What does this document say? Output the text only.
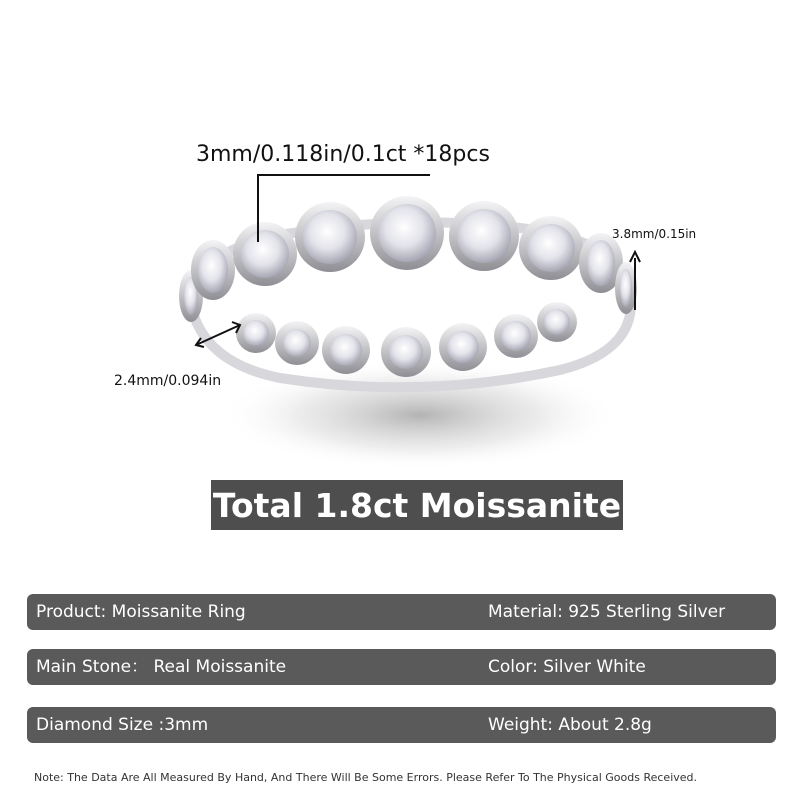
3mm/0.118in/0.1ct *18pcs
3.8mm/0.15in
2.4mm/0.094in
Total 1.8ct Moissanite
Product: Moissanite Ring	Material: 925 Sterling Silver
Main Stone： Real Moissanite	Color: Silver White
Diamond Size :3mm	Weight: About 2.8g
Note: The Data Are All Measured By Hand, And There Will Be Some Errors. Please Refer To The Physical Goods Received.
